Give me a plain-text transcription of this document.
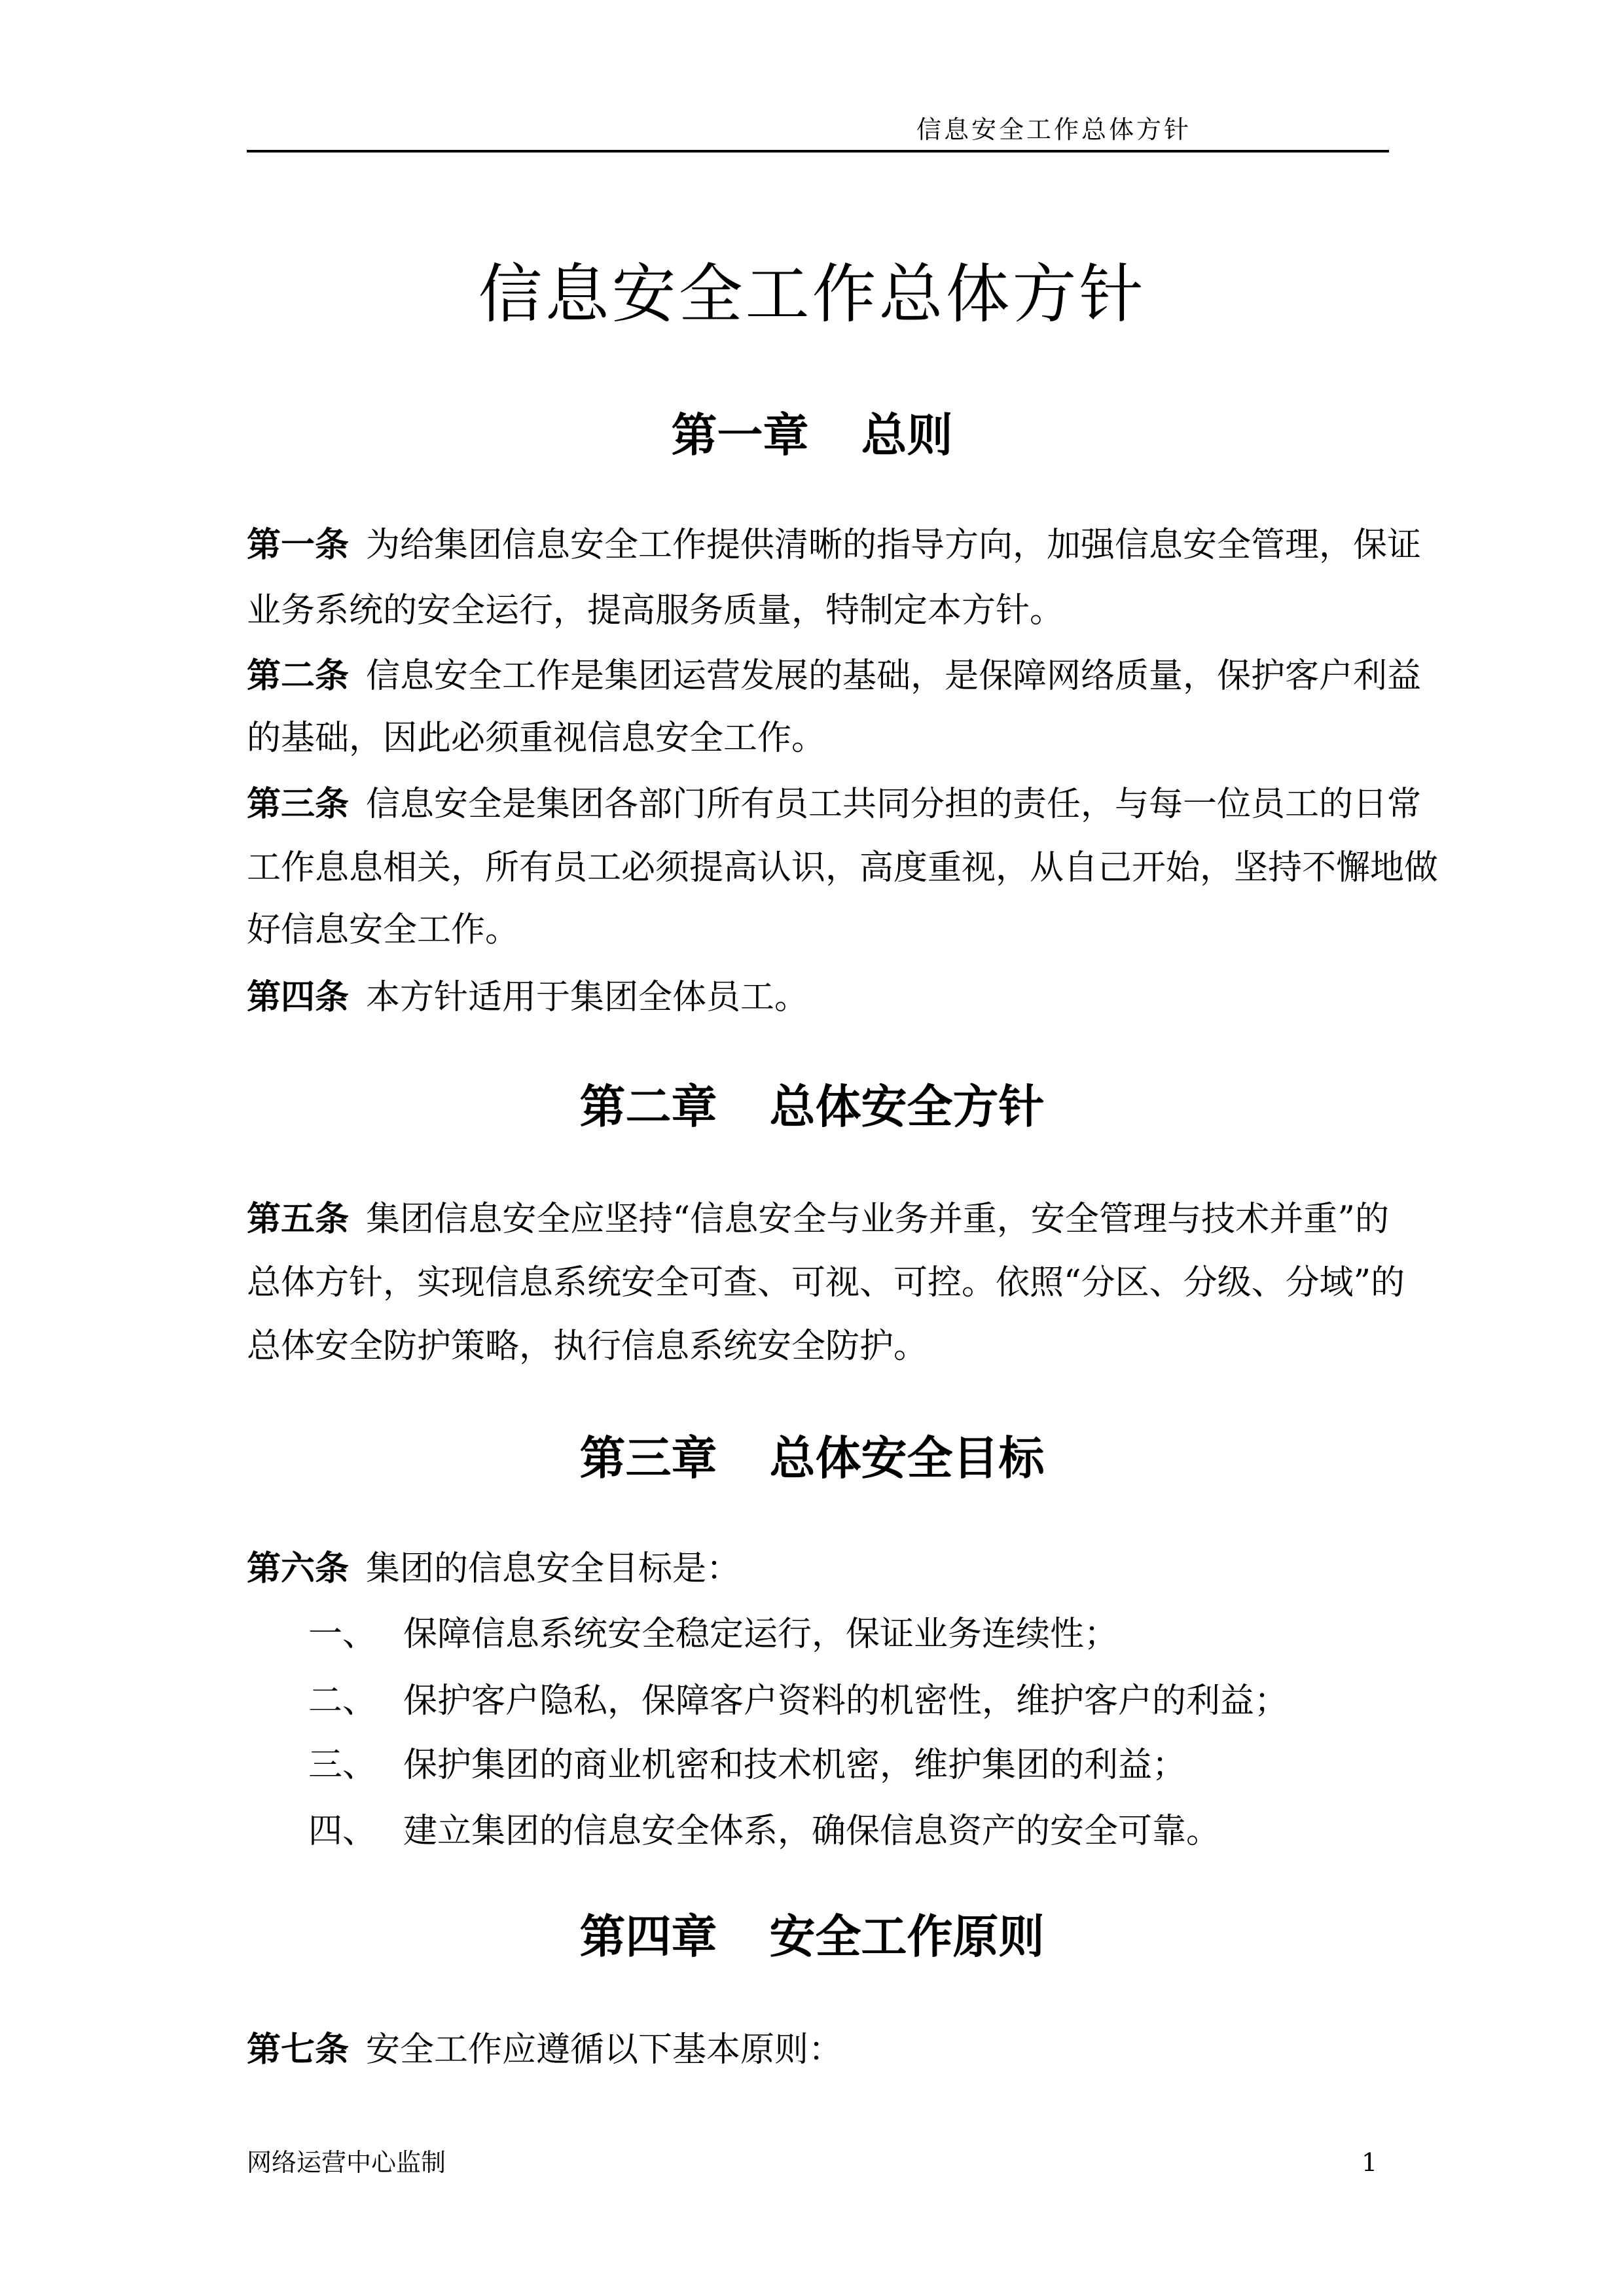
信息安全工作总体方针
信息安全工作总体方针
第一章 总则
第一条 为给集团信息安全工作提供清晰的指导方向，加强信息安全管理，保证
业务系统的安全运行，提高服务质量，特制定本方针。
第二条 信息安全工作是集团运营发展的基础，是保障网络质量，保护客户利益
的基础，因此必须重视信息安全工作。
第三条 信息安全是集团各部门所有员工共同分担的责任，与每一位员工的日常
工作息息相关，所有员工必须提高认识，高度重视，从自己开始，坚持不懈地做
好信息安全工作。
第四条 本方针适用于集团全体员工。
第二章 总体安全方针
第五条 集团信息安全应坚持“信息安全与业务并重，安全管理与技术并重”的
总体方针，实现信息系统安全可查、可视、可控。依照“分区、分级、分域”的
总体安全防护策略，执行信息系统安全防护。
第三章 总体安全目标
第六条 集团的信息安全目标是：
一、 保障信息系统安全稳定运行，保证业务连续性；
二、 保护客户隐私，保障客户资料的机密性，维护客户的利益；
三、 保护集团的商业机密和技术机密，维护集团的利益；
四、 建立集团的信息安全体系，确保信息资产的安全可靠。
第四章 安全工作原则
第七条 安全工作应遵循以下基本原则：
网络运营中心监制	1
